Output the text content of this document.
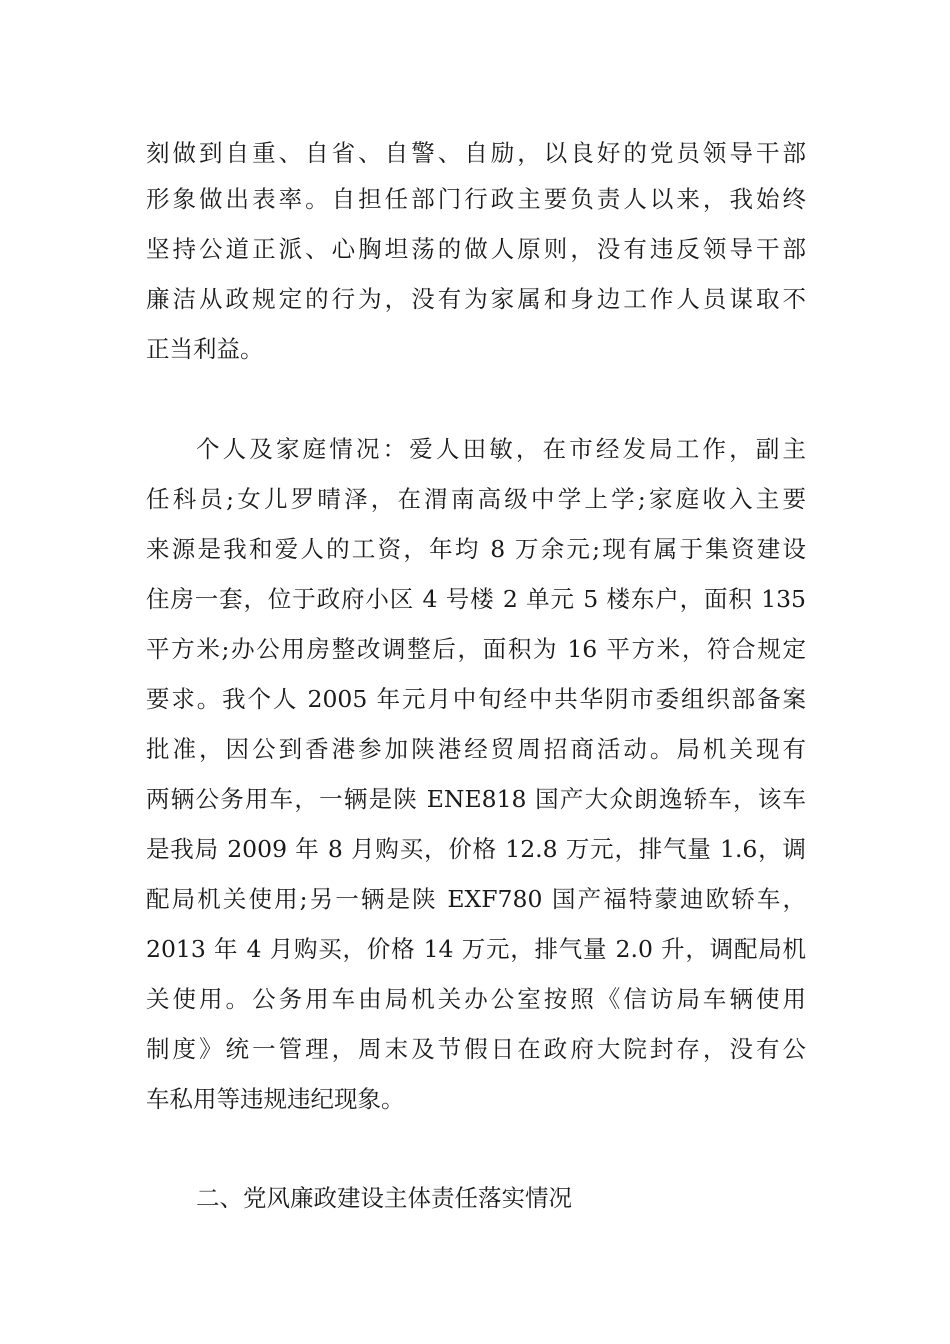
刻做到自重、自省、自警、自励，以良好的党员领导干部
形象做出表率。自担任部门行政主要负责人以来，我始终
坚持公道正派、心胸坦荡的做人原则，没有违反领导干部
廉洁从政规定的行为，没有为家属和身边工作人员谋取不
正当利益。
个人及家庭情况：爱人田敏，在市经发局工作，副主
任科员;女儿罗晴泽，在渭南高级中学上学;家庭收入主要
来源是我和爱人的工资，年均 8 万余元;现有属于集资建设
住房一套，位于政府小区 4 号楼 2 单元 5 楼东户，面积 135
平方米;办公用房整改调整后，面积为 16 平方米，符合规定
要求。我个人 2005 年元月中旬经中共华阴市委组织部备案
批准，因公到香港参加陕港经贸周招商活动。局机关现有
两辆公务用车，一辆是陕 ENE818 国产大众朗逸轿车，该车
是我局 2009 年 8 月购买，价格 12.8 万元，排气量 1.6，调
配局机关使用;另一辆是陕 EXF780 国产福特蒙迪欧轿车，
2013 年 4 月购买，价格 14 万元，排气量 2.0 升，调配局机
关使用。公务用车由局机关办公室按照《信访局车辆使用
制度》统一管理，周末及节假日在政府大院封存，没有公
车私用等违规违纪现象。
二、党风廉政建设主体责任落实情况
